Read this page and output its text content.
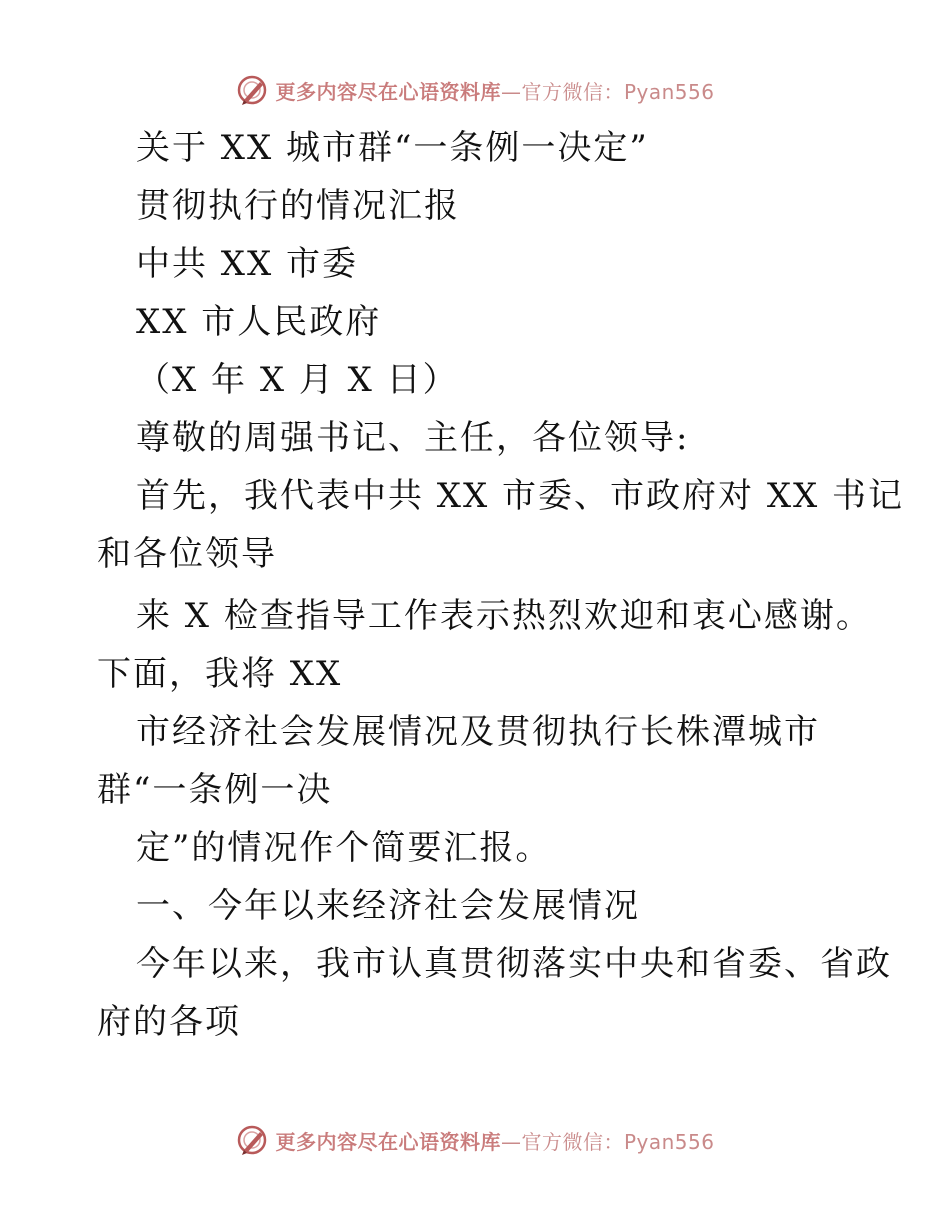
更多内容尽在心语资料库—官方微信：Pyan556
关于 XX 城市群“一条例一决定”
贯彻执行的情况汇报
中共 XX 市委
XX 市人民政府
（X 年 X 月 X 日）
尊敬的周强书记、主任，各位领导:
首先，我代表中共 XX 市委、市政府对 XX 书记
和各位领导
来 X 检查指导工作表示热烈欢迎和衷心感谢。
下面，我将 XX
市经济社会发展情况及贯彻执行长株潭城市
群“一条例一决
定”的情况作个简要汇报。
一、今年以来经济社会发展情况
今年以来，我市认真贯彻落实中央和省委、省政
府的各项
更多内容尽在心语资料库—官方微信：Pyan556
